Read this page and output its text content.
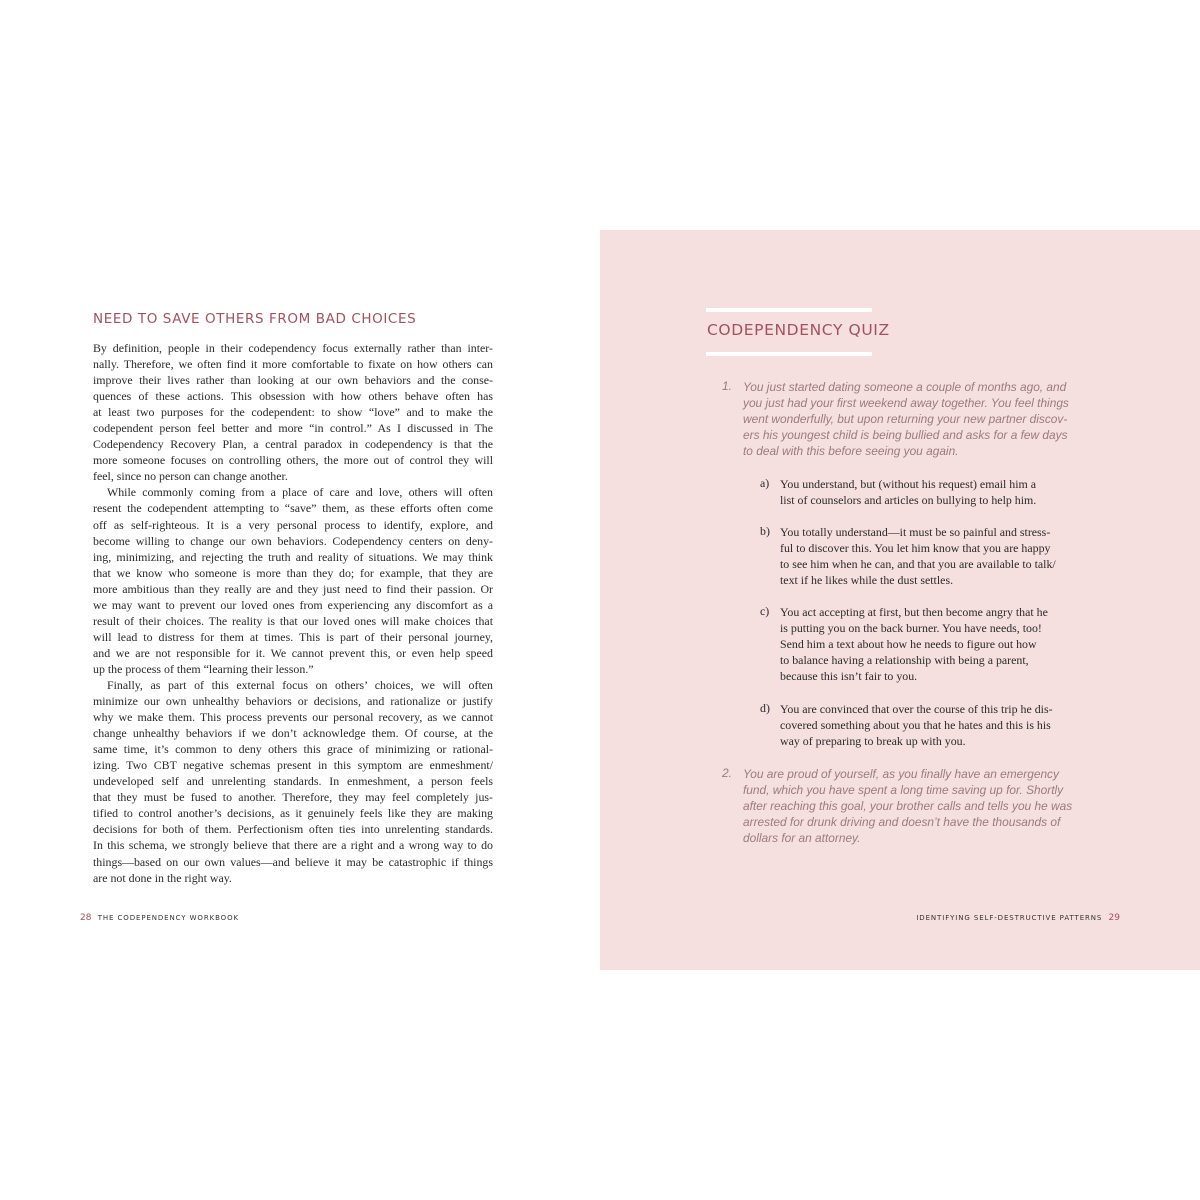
NEED TO SAVE OTHERS FROM BAD CHOICES
By definition, people in their codependency focus externally rather than inter-
nally. Therefore, we often find it more comfortable to fixate on how others can
improve their lives rather than looking at our own behaviors and the conse-
quences of these actions. This obsession with how others behave often has
at least two purposes for the codependent: to show “love” and to make the
codependent person feel better and more “in control.” As I discussed in The
Codependency Recovery Plan, a central paradox in codependency is that the
more someone focuses on controlling others, the more out of control they will
feel, since no person can change another.
While commonly coming from a place of care and love, others will often
resent the codependent attempting to “save” them, as these efforts often come
off as self-righteous. It is a very personal process to identify, explore, and
become willing to change our own behaviors. Codependency centers on deny-
ing, minimizing, and rejecting the truth and reality of situations. We may think
that we know who someone is more than they do; for example, that they are
more ambitious than they really are and they just need to find their passion. Or
we may want to prevent our loved ones from experiencing any discomfort as a
result of their choices. The reality is that our loved ones will make choices that
will lead to distress for them at times. This is part of their personal journey,
and we are not responsible for it. We cannot prevent this, or even help speed
up the process of them “learning their lesson.”
Finally, as part of this external focus on others’ choices, we will often
minimize our own unhealthy behaviors or decisions, and rationalize or justify
why we make them. This process prevents our personal recovery, as we cannot
change unhealthy behaviors if we don’t acknowledge them. Of course, at the
same time, it’s common to deny others this grace of minimizing or rational-
izing. Two CBT negative schemas present in this symptom are enmeshment/
undeveloped self and unrelenting standards. In enmeshment, a person feels
that they must be fused to another. Therefore, they may feel completely jus-
tified to control another’s decisions, as it genuinely feels like they are making
decisions for both of them. Perfectionism often ties into unrelenting standards.
In this schema, we strongly believe that there are a right and a wrong way to do
things—based on our own values—and believe it may be catastrophic if things
are not done in the right way.
28 THE CODEPENDENCY WORKBOOK
CODEPENDENCY QUIZ
1. You just started dating someone a couple of months ago, and
you just had your first weekend away together. You feel things
went wonderfully, but upon returning your new partner discov-
ers his youngest child is being bullied and asks for a few days
to deal with this before seeing you again.
a) You understand, but (without his request) email him a
list of counselors and articles on bullying to help him.
b) You totally understand—it must be so painful and stress-
ful to discover this. You let him know that you are happy
to see him when he can, and that you are available to talk/
text if he likes while the dust settles.
c) You act accepting at first, but then become angry that he
is putting you on the back burner. You have needs, too!
Send him a text about how he needs to figure out how
to balance having a relationship with being a parent,
because this isn’t fair to you.
d) You are convinced that over the course of this trip he dis-
covered something about you that he hates and this is his
way of preparing to break up with you.
2. You are proud of yourself, as you finally have an emergency
fund, which you have spent a long time saving up for. Shortly
after reaching this goal, your brother calls and tells you he was
arrested for drunk driving and doesn’t have the thousands of
dollars for an attorney.
IDENTIFYING SELF-DESTRUCTIVE PATTERNS 29
